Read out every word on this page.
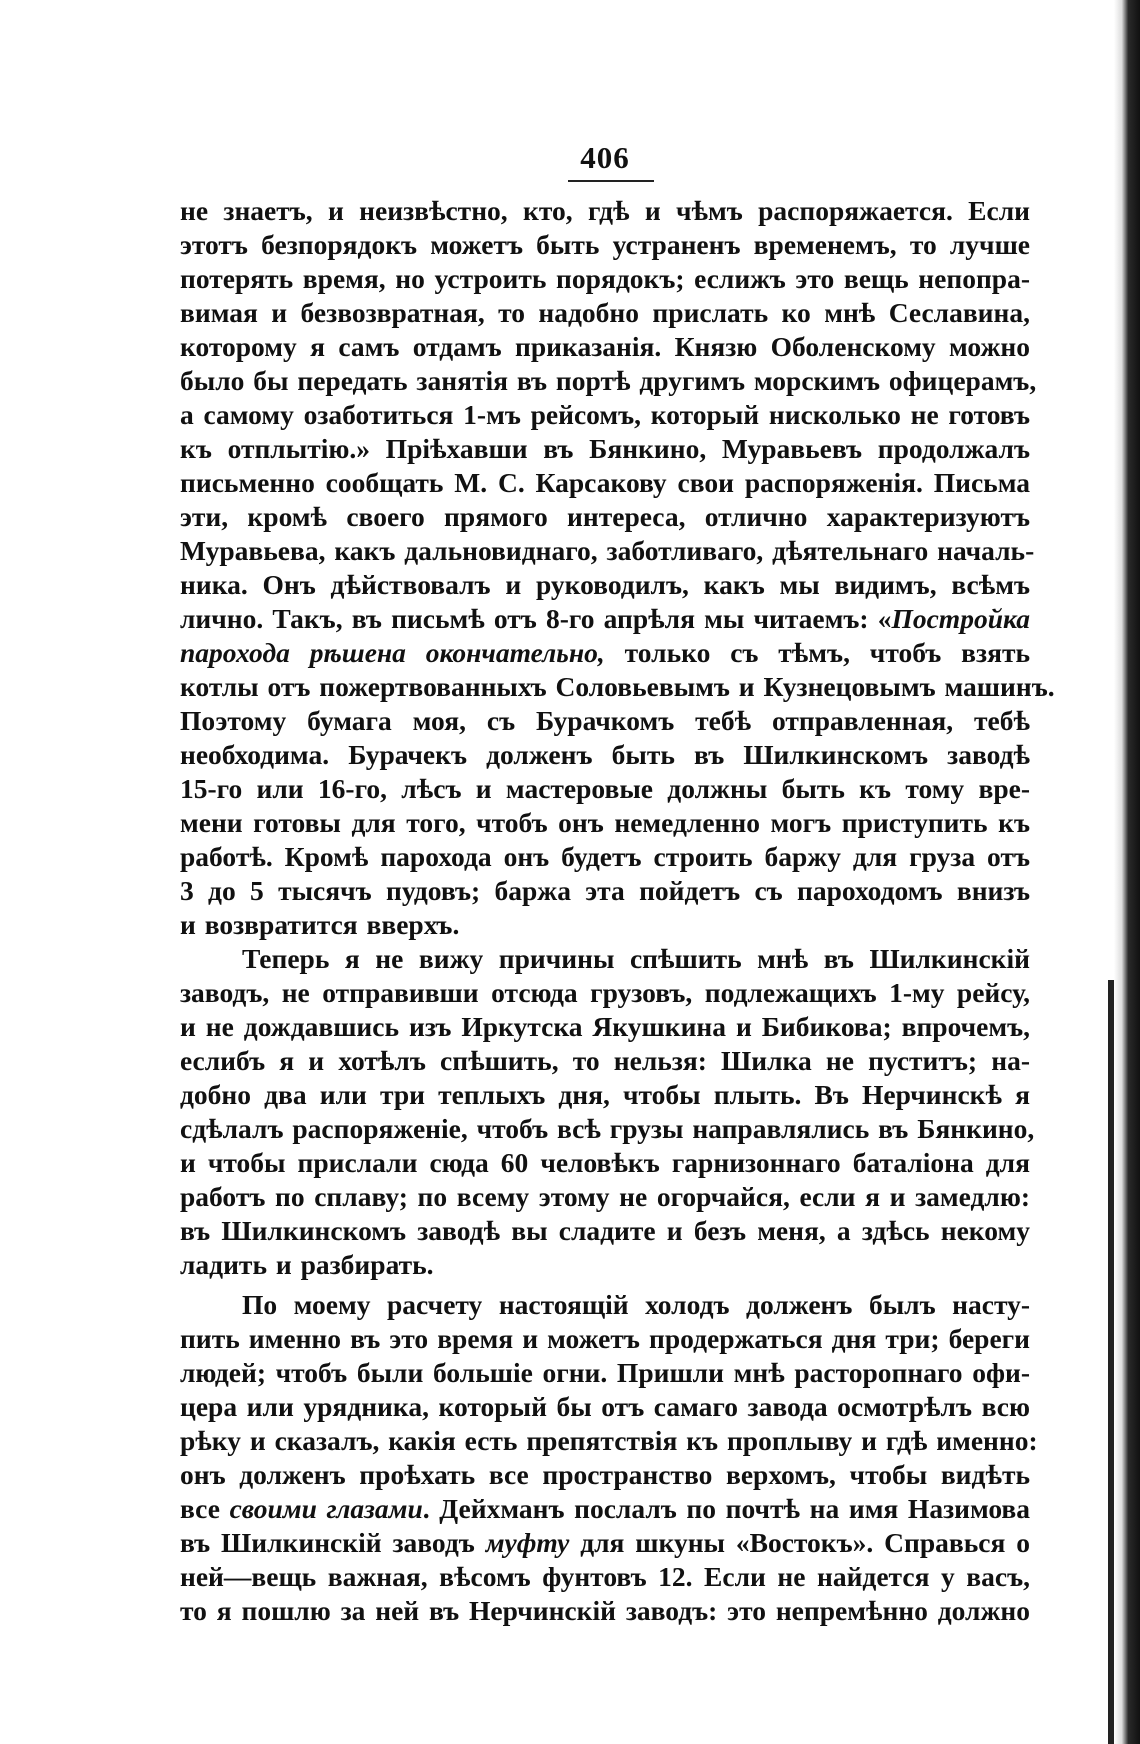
406
не знаетъ, и неизвѣстно, кто, гдѣ и чѣмъ распоряжается. Если
этотъ безпорядокъ можетъ быть устраненъ временемъ, то лучше
потерять время, но устроить порядокъ; еслижъ это вещь непопра-
вимая и безвозвратная, то надобно прислать ко мнѣ Сеславина,
которому я самъ отдамъ приказанія. Князю Оболенскому можно
было бы передать занятія въ портѣ другимъ морскимъ офицерамъ,
а самому озаботиться 1-мъ рейсомъ, который нисколько не готовъ
къ отплытію.» Пріѣхавши въ Бянкино, Муравьевъ продолжалъ
письменно сообщать М. С. Карсакову свои распоряженія. Письма
эти, кромѣ своего прямого интереса, отлично характеризуютъ
Муравьева, какъ дальновиднаго, заботливаго, дѣятельнаго началь-
ника. Онъ дѣйствовалъ и руководилъ, какъ мы видимъ, всѣмъ
лично. Такъ, въ письмѣ отъ 8-го апрѣля мы читаемъ: «Постройка
парохода рѣшена окончательно, только съ тѣмъ, чтобъ взять
котлы отъ пожертвованныхъ Соловьевымъ и Кузнецовымъ машинъ.
Поэтому бумага моя, съ Бурачкомъ тебѣ отправленная, тебѣ
необходима. Бурачекъ долженъ быть въ Шилкинскомъ заводѣ
15-го или 16-го, лѣсъ и мастеровые должны быть къ тому вре-
мени готовы для того, чтобъ онъ немедленно могъ приступить къ
работѣ. Кромѣ парохода онъ будетъ строить баржу для груза отъ
3 до 5 тысячъ пудовъ; баржа эта пойдетъ съ пароходомъ внизъ
и возвратится вверхъ.
Теперь я не вижу причины спѣшить мнѣ въ Шилкинскій
заводъ, не отправивши отсюда грузовъ, подлежащихъ 1-му рейсу,
и не дождавшись изъ Иркутска Якушкина и Бибикова; впрочемъ,
еслибъ я и хотѣлъ спѣшить, то нельзя: Шилка не пуститъ; на-
добно два или три теплыхъ дня, чтобы плыть. Въ Нерчинскѣ я
сдѣлалъ распоряженіе, чтобъ всѣ грузы направлялись въ Бянкино,
и чтобы прислали сюда 60 человѣкъ гарнизоннаго баталіона для
работъ по сплаву; по всему этому не огорчайся, если я и замедлю:
въ Шилкинскомъ заводѣ вы сладите и безъ меня, а здѣсь некому
ладить и разбирать.
По моему расчету настоящій холодъ долженъ былъ насту-
пить именно въ это время и можетъ продержаться дня три; береги
людей; чтобъ были большіе огни. Пришли мнѣ расторопнаго офи-
цера или урядника, который бы отъ самаго завода осмотрѣлъ всю
рѣку и сказалъ, какія есть препятствія къ проплыву и гдѣ именно:
онъ долженъ проѣхать все пространство верхомъ, чтобы видѣть
все своими глазами. Дейхманъ послалъ по почтѣ на имя Назимова
въ Шилкинскій заводъ муфту для шкуны «Востокъ». Справься о
ней—вещь важная, вѣсомъ фунтовъ 12. Если не найдется у васъ,
то я пошлю за ней въ Нерчинскій заводъ: это непремѣнно должно
